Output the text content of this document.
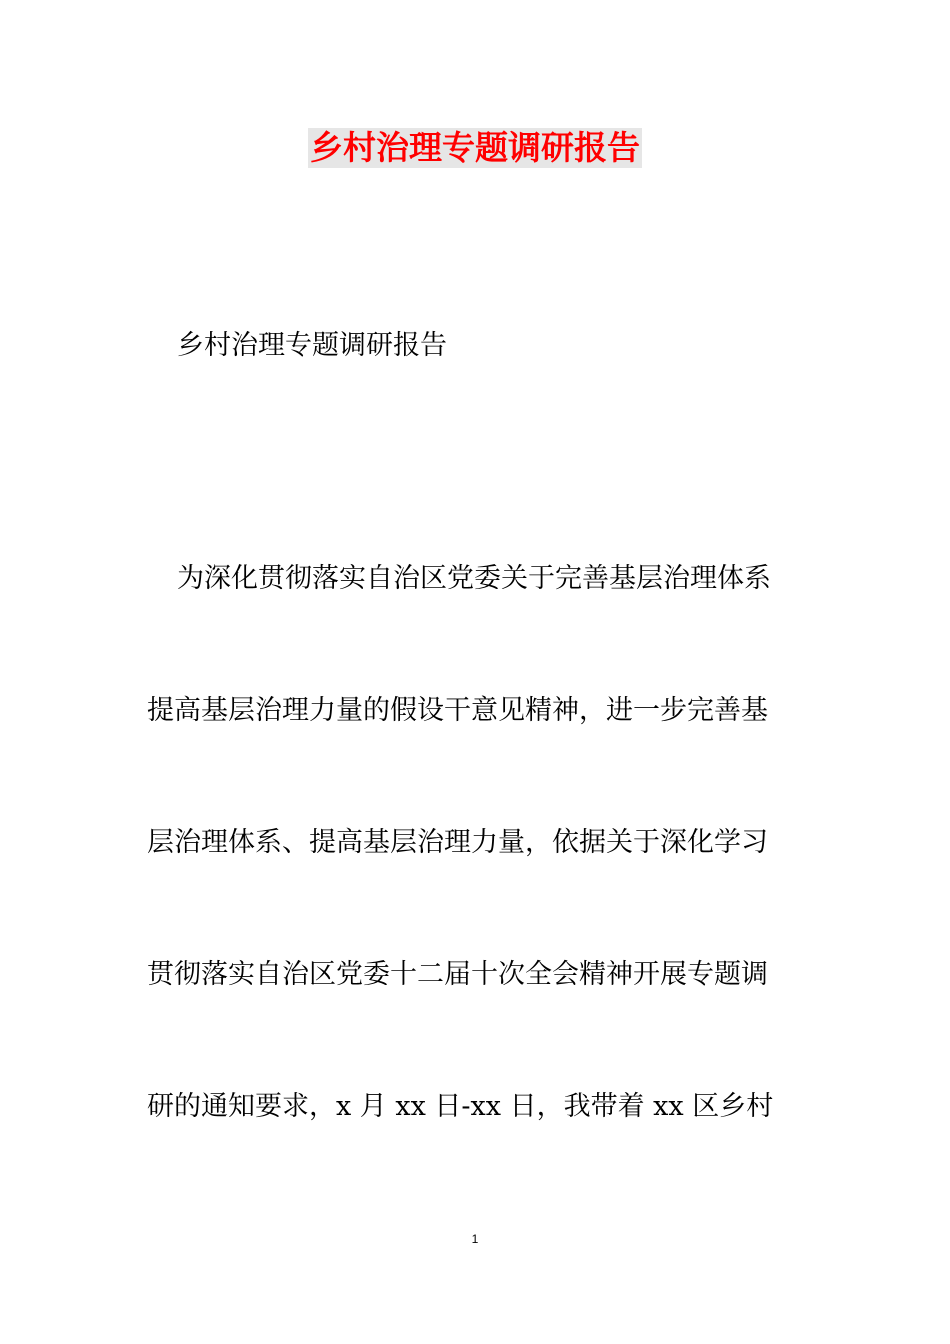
乡村治理专题调研报告
乡村治理专题调研报告
为深化贯彻落实自治区党委关于完善基层治理体系
提高基层治理力量的假设干意见精神，进一步完善基
层治理体系、提高基层治理力量，依据关于深化学习
贯彻落实自治区党委十二届十次全会精神开展专题调
研的通知要求，x 月 xx 日-xx 日，我带着 xx 区乡村
1
